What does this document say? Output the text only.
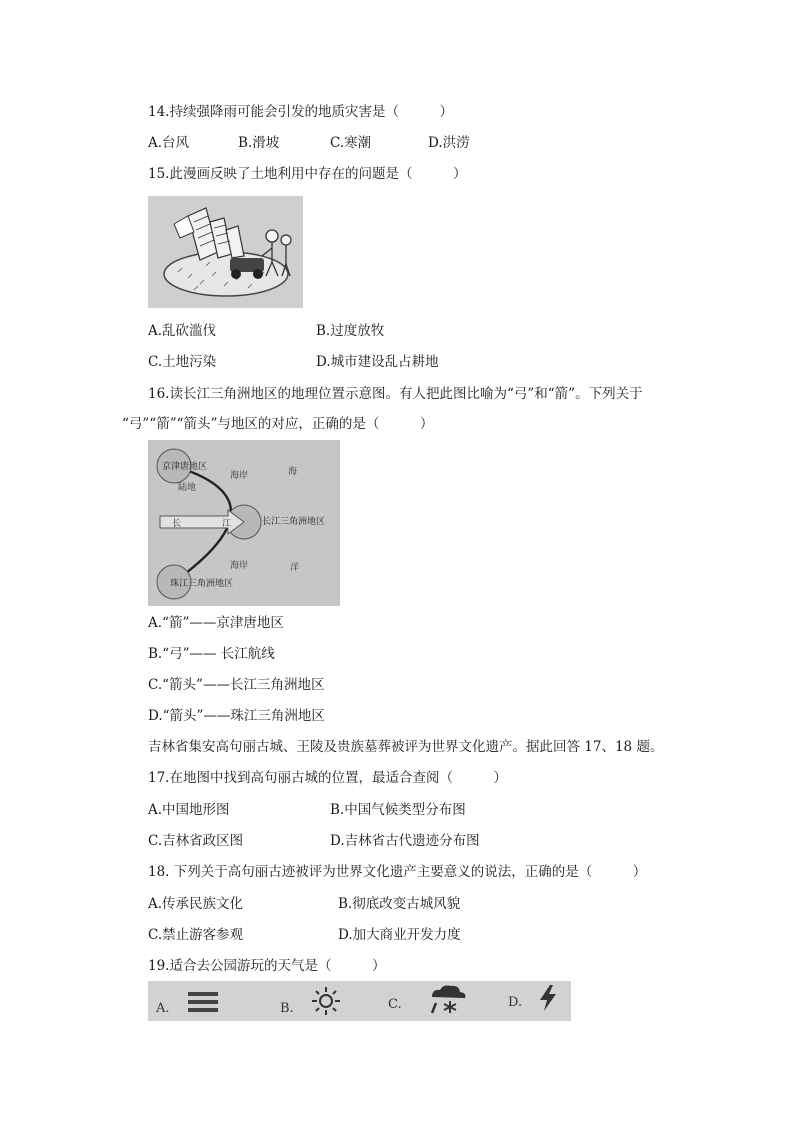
14.持续强降雨可能会引发的地质灾害是（　　　）
A.台风	B.滑坡	C.寒潮	D.洪涝
15.此漫画反映了土地利用中存在的问题是（　　　）
A.乱砍滥伐	B.过度放牧
C.土地污染	D.城市建设乱占耕地
16.读长江三角洲地区的地理位置示意图。有人把此图比喻为“弓”和“箭”。下列关于
“弓”“箭”“箭头”与地区的对应，正确的是（　　　）
京津唐地区
海岸	海
陆地
长	江	长江三角洲地区
海岸	洋
珠江三角洲地区
A.“箭”——京津唐地区
B.“弓”—— 长江航线
C.“箭头”——长江三角洲地区
D.“箭头”——珠江三角洲地区
吉林省集安高句丽古城、王陵及贵族墓葬被评为世界文化遗产。据此回答 17、18 题。
17.在地图中找到高句丽古城的位置，最适合查阅（　　　）
A.中国地形图	B.中国气候类型分布图
C.吉林省政区图	D.吉林省古代遗迹分布图
18. 下列关于高句丽古迹被评为世界文化遗产主要意义的说法，正确的是（　　　）
A.传承民族文化	B.彻底改变古城风貌
C.禁止游客参观	D.加大商业开发力度
19.适合去公园游玩的天气是（　　　）
A.	B.	C.	D.
